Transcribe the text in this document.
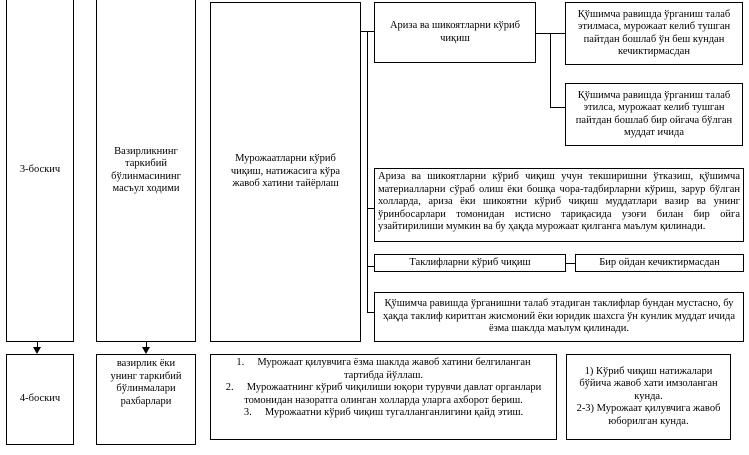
3-боскич
Вазирликнинг таркибий бўлинмасининг масъул ходими
Мурожаатларни кўриб чиқиш, натижасига кўра жавоб хатини тайёрлаш
Ариза ва шикоятларни кўриб чиқиш
Қўшимча равишда ўрганиш талаб этилмаса, мурожаат келиб тушган пайтдан бошлаб ўн беш кундан кечиктирмасдан
Қўшимча равишда ўрганиш талаб этилса, мурожаат келиб тушган пайтдан бошлаб бир ойгача бўлган муддат ичида
Ариза ва шикоятларни кўриб чиқиш учун текширишни ўтказиш, қўшимча материалларни сўраб олиш ёки бошқа чора-тадбирларни кўриш, зарур бўлган холларда, ариза ёки шикоятни кўриб чиқиш муддатлари вазир ва унинг ўринбосарлари томонидан истисно тариқасида узоғи билан бир ойга узайтирилиши мумкин ва бу ҳақда мурожаат қилганга маълум қилинади.
Таклифларни кўриб чиқиш	Бир ойдан кечиктирмасдан
Қўшимча равишда ўрганишни талаб этадиган таклифлар бундан мустасно, бу ҳақда таклиф киритган жисмоний ёки юридик шахсга ўн кунлик муддат ичида ёзма шаклда маълум қилинади.
4-боскич
вазирлик ёки унинг таркибий бўлинмалари рахбарлари
1.     Мурожаат қилувчига ёзма шаклда жавоб хатини белгиланган тартибда йўллаш.
2.     Мурожаатнинг кўриб чиқилиши юқори турувчи давлат органлари томонидан назоратга олинган холларда уларга ахборот бериш.
3.     Мурожаатни кўриб чиқиш тугалланганлигини қайд этиш.
1) Кўриб чиқиш натижалари бўйича жавоб хати имзоланган кунда.
2-3) Мурожаат қилувчига жавоб юборилган кунда.
